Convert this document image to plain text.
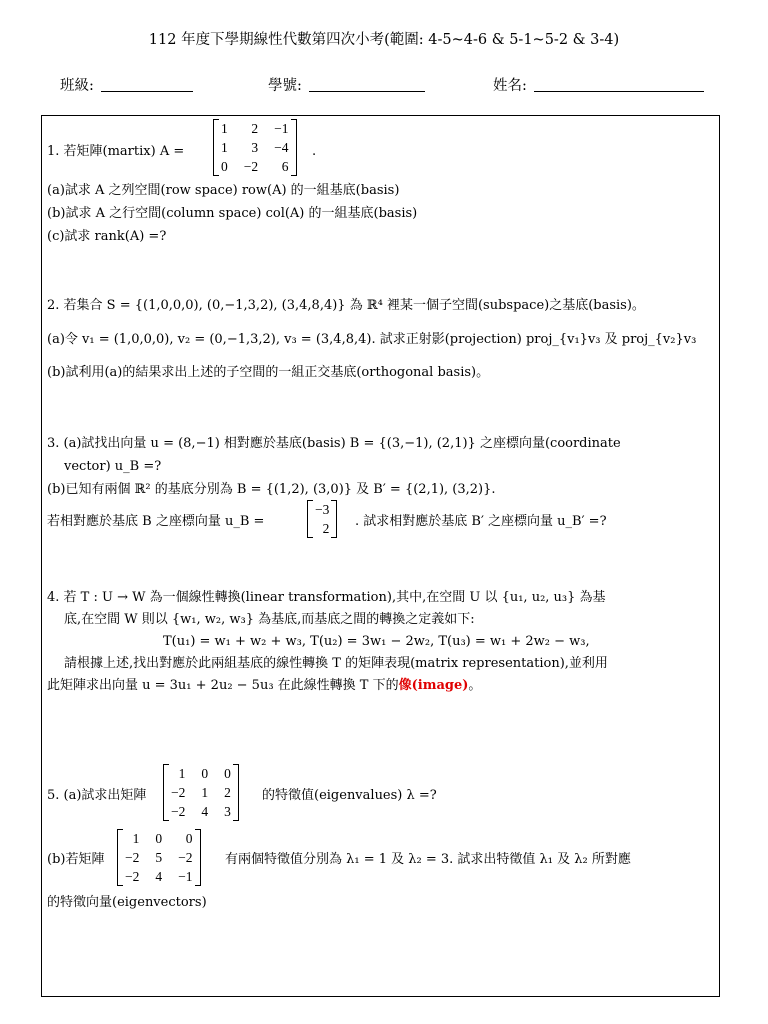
112 年度下學期線性代數第四次小考(範圍: 4-5~4-6 & 5-1~5-2 & 3-4)
班級:	學號:	姓名:
1. 若矩陣(martix) A =
1	2	−1
1	3	−4
0	−2	6
.
(a)試求 A 之列空間(row space) row(A) 的一組基底(basis)
(b)試求 A 之行空間(column space) col(A) 的一組基底(basis)
(c)試求 rank(A) =?
2. 若集合 S = {(1,0,0,0), (0,−1,3,2), (3,4,8,4)} 為 ℝ⁴ 裡某一個子空間(subspace)之基底(basis)。
(a)令 v₁ = (1,0,0,0), v₂ = (0,−1,3,2), v₃ = (3,4,8,4). 試求正射影(projection) proj_{v₁}v₃ 及 proj_{v₂}v₃
(b)試利用(a)的結果求出上述的子空間的一組正交基底(orthogonal basis)。
3. (a)試找出向量 u = (8,−1) 相對應於基底(basis) B = {(3,−1), (2,1)} 之座標向量(coordinate
vector) u_B =?
(b)已知有兩個 ℝ² 的基底分別為 B = {(1,2), (3,0)} 及 B′ = {(2,1), (3,2)}.
若相對應於基底 B 之座標向量 u_B =
−3
2 . 試求相對應於基底 B′ 之座標向量 u_B′ =?
4. 若 T : U → W 為一個線性轉換(linear transformation),其中,在空間 U 以 {u₁, u₂, u₃} 為基
底,在空間 W 則以 {w₁, w₂, w₃} 為基底,而基底之間的轉換之定義如下:
T(u₁) = w₁ + w₂ + w₃, T(u₂) = 3w₁ − 2w₂, T(u₃) = w₁ + 2w₂ − w₃,
請根據上述,找出對應於此兩組基底的線性轉換 T 的矩陣表現(matrix representation),並利用
此矩陣求出向量 u = 3u₁ + 2u₂ − 5u₃ 在此線性轉換 T 下的像(image)。
5. (a)試求出矩陣
1	0	0
−2	1	2
−2	4	3
的特徵值(eigenvalues) λ =?
(b)若矩陣
1	0	0
−2	5	−2
−2	4	−1
有兩個特徵值分別為 λ₁ = 1 及 λ₂ = 3. 試求出特徵值 λ₁ 及 λ₂ 所對應
的特徵向量(eigenvectors)
